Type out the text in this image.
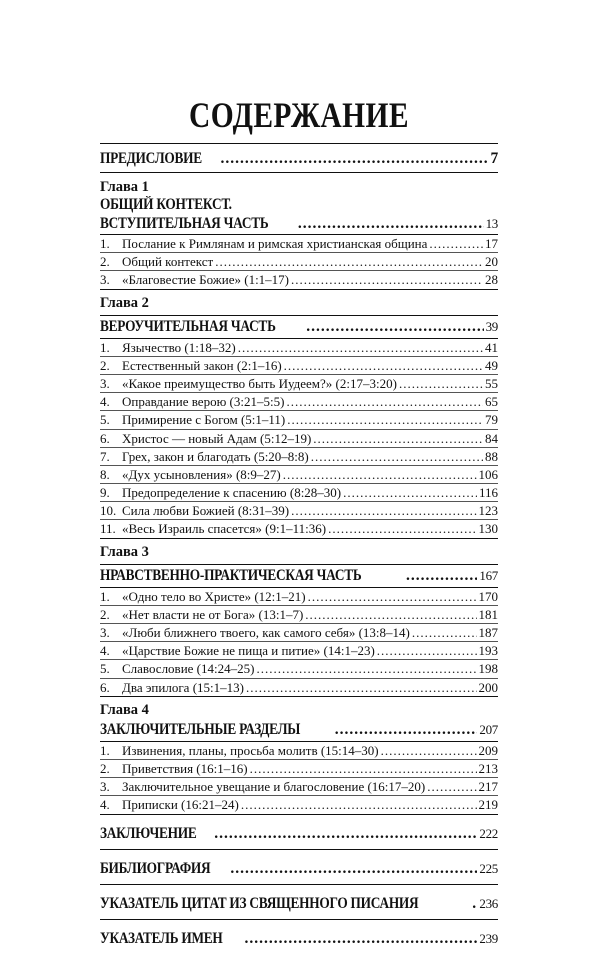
СОДЕРЖАНИЕ
ПРЕДИСЛОВИЕ .....	7
Глава 1
ОБЩИЙ КОНТЕКСТ.
ВСТУПИТЕЛЬНАЯ ЧАСТЬ .....	13
1. Послание к Римлянам и римская христианская община .....	17
2. Общий контекст .....	20
3. «Благовестие Божие» (1:1–17) .....	28
Глава 2
ВЕРОУЧИТЕЛЬНАЯ ЧАСТЬ .....	39
1. Язычество (1:18–32) .....	41
2. Естественный закон (2:1–16) .....	49
3. «Какое преимущество быть Иудеем?» (2:17–3:20) .....	55
4. Оправдание верою (3:21–5:5) .....	65
5. Примирение с Богом (5:1–11) .....	79
6. Христос — новый Адам (5:12–19) .....	84
7. Грех, закон и благодать (5:20–8:8) .....	88
8. «Дух усыновления» (8:9–27) .....	106
9. Предопределение к спасению (8:28–30) .....	116
10. Сила любви Божией (8:31–39) .....	123
11. «Весь Израиль спасется» (9:1–11:36) .....	130
Глава 3
НРАВСТВЕННО-ПРАКТИЧЕСКАЯ ЧАСТЬ .....	167
1. «Одно тело во Христе» (12:1–21) .....	170
2. «Нет власти не от Бога» (13:1–7) .....	181
3. «Люби ближнего твоего, как самого себя» (13:8–14) .....	187
4. «Царствие Божие не пища и питие» (14:1–23) .....	193
5. Славословие (14:24–25) .....	198
6. Два эпилога (15:1–13) .....	200
Глава 4
ЗАКЛЮЧИТЕЛЬНЫЕ РАЗДЕЛЫ .....	207
1. Извинения, планы, просьба молитв (15:14–30) .....	209
2. Приветствия (16:1–16) .....	213
3. Заключительное увещание и благословение (16:17–20) .....	217
4. Приписки (16:21–24) .....	219
ЗАКЛЮЧЕНИЕ .....	222
БИБЛИОГРАФИЯ .....	225
УКАЗАТЕЛЬ ЦИТАТ ИЗ СВЯЩЕННОГО ПИСАНИЯ .....	236
УКАЗАТЕЛЬ ИМЕН .....	239
